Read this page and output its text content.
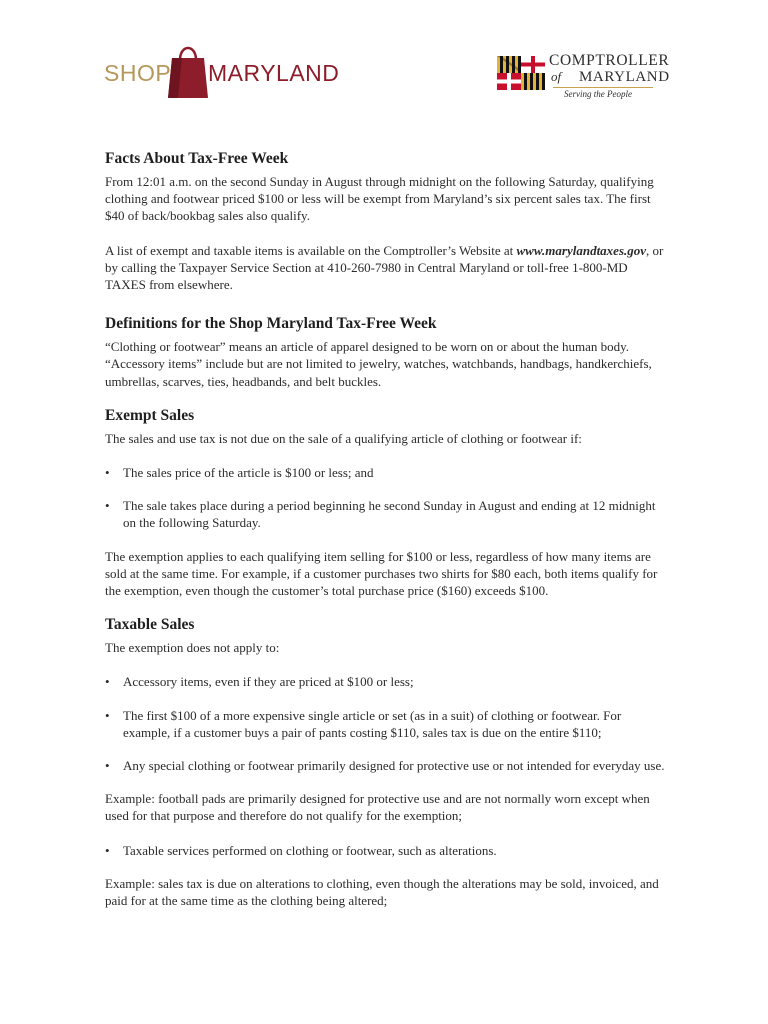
SHOP MARYLAND	COMPTROLLER
of MARYLAND
Serving the People
Facts About Tax-Free Week

From 12:01 a.m. on the second Sunday in August through midnight on the following Saturday, qualifying clothing and footwear priced $100 or less will be exempt from Maryland’s six percent sales tax. The first $40 of back/bookbag sales also qualify.

A list of exempt and taxable items is available on the Comptroller’s Website at www.marylandtaxes.gov, or by calling the Taxpayer Service Section at 410-260-7980 in Central Maryland or toll-free 1-800-MD TAXES from elsewhere.

Definitions for the Shop Maryland Tax-Free Week

“Clothing or footwear” means an article of apparel designed to be worn on or about the human body. “Accessory items” include but are not limited to jewelry, watches, watchbands, handbags, handkerchiefs, umbrellas, scarves, ties, headbands, and belt buckles.

Exempt Sales

The sales and use tax is not due on the sale of a qualifying article of clothing or footwear if:

• The sales price of the article is $100 or less; and
• The sale takes place during a period beginning he second Sunday in August and ending at 12 midnight on the following Saturday.

The exemption applies to each qualifying item selling for $100 or less, regardless of how many items are sold at the same time. For example, if a customer purchases two shirts for $80 each, both items qualify for the exemption, even though the customer’s total purchase price ($160) exceeds $100.

Taxable Sales

The exemption does not apply to:

• Accessory items, even if they are priced at $100 or less;
• The first $100 of a more expensive single article or set (as in a suit) of clothing or footwear. For example, if a customer buys a pair of pants costing $110, sales tax is due on the entire $110;
• Any special clothing or footwear primarily designed for protective use or not intended for everyday use.

Example: football pads are primarily designed for protective use and are not normally worn except when used for that purpose and therefore do not qualify for the exemption;

• Taxable services performed on clothing or footwear, such as alterations.

Example: sales tax is due on alterations to clothing, even though the alterations may be sold, invoiced, and paid for at the same time as the clothing being altered;
